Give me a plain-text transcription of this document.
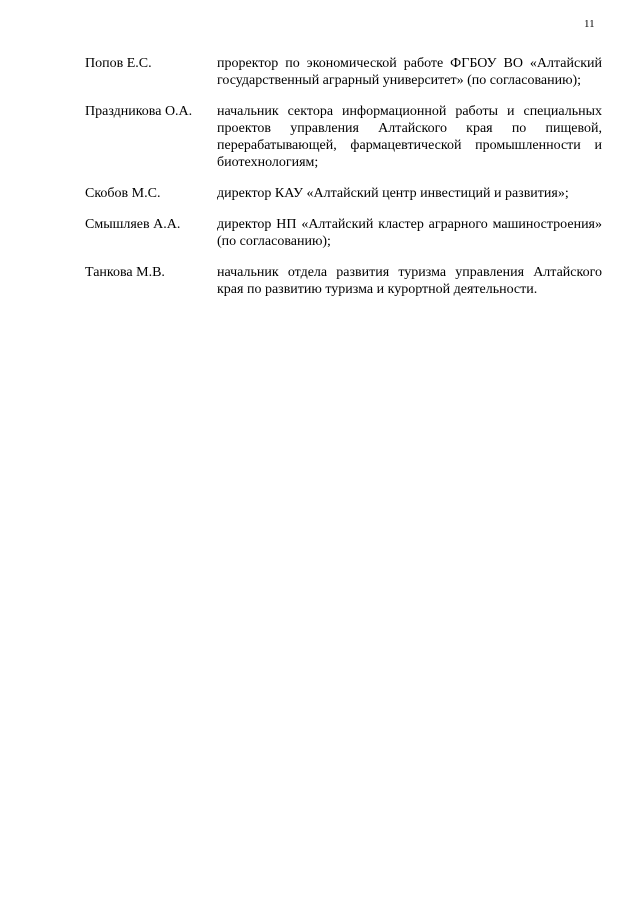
11
Попов Е.С.	проректор по экономической работе ФГБОУ ВО «Алтайский государственный аграрный университет» (по согласованию);
Праздникова О.А.	начальник сектора информационной работы и специальных проектов управления Алтайского края по пищевой, перерабатывающей, фармацевтической промышленности и биотехнологиям;
Скобов М.С.	директор КАУ «Алтайский центр инвестиций и развития»;
Смышляев А.А.	директор НП «Алтайский кластер аграрного машиностроения» (по согласованию);
Танкова М.В.	начальник отдела развития туризма управления Алтайского края по развитию туризма и курортной деятельности.
